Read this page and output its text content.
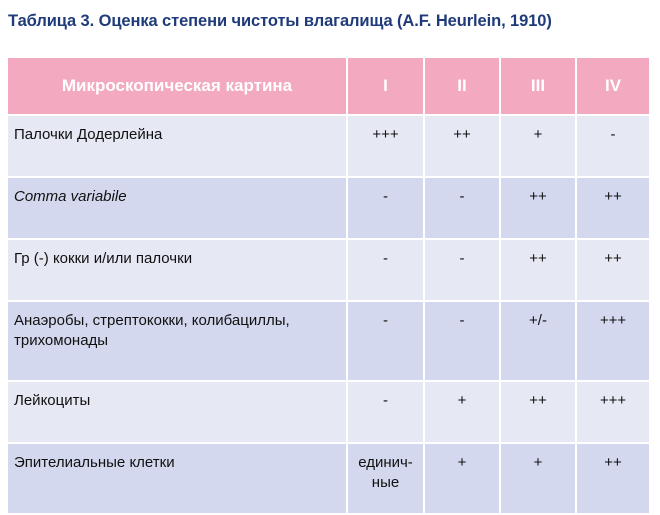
Таблица 3. Оценка степени чистоты влагалища (A.F. Heurlein, 1910)
Микроскопическая картина	I	II	III	IV
Палочки Додерлейна	+++	++	+	-
Comma variabile	-	-	++	++
Гр (-) кокки и/или палочки	-	-	++	++
Анаэробы, стрептококки, колибациллы, трихомонады	-	-	+/-	+++
Лейкоциты	-	+	++	+++
Эпителиальные клетки	единич-ные	+	+	++
